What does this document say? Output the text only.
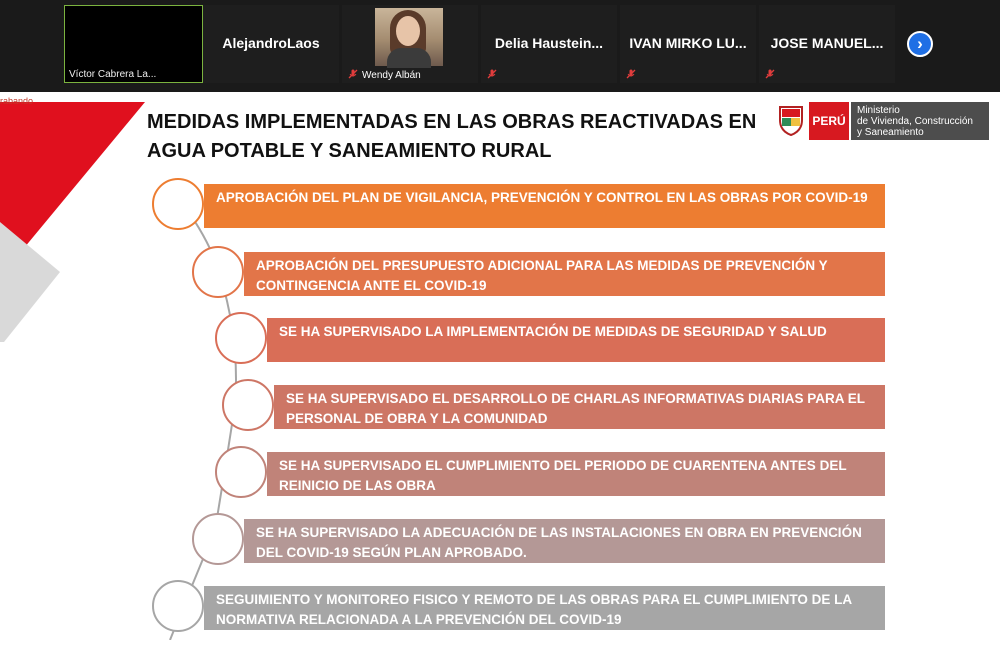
Víctor Cabrera La...
AlejandroLaos
Wendy Albán
Delia Haustein...	IVAN MIRKO LU...	JOSE MANUEL...	›
rabando
MEDIDAS IMPLEMENTADAS EN LAS OBRAS REACTIVADAS EN AGUA POTABLE Y SANEAMIENTO RURAL
PERÚ
Ministerio
de Vivienda, Construcción
y Saneamiento
APROBACIÓN DEL PLAN DE VIGILANCIA, PREVENCIÓN Y CONTROL EN LAS OBRAS POR COVID-19
APROBACIÓN DEL PRESUPUESTO ADICIONAL PARA LAS MEDIDAS DE PREVENCIÓN Y CONTINGENCIA ANTE EL COVID-19
SE HA SUPERVISADO LA IMPLEMENTACIÓN DE MEDIDAS DE SEGURIDAD Y SALUD
SE HA SUPERVISADO EL DESARROLLO DE CHARLAS INFORMATIVAS DIARIAS PARA EL PERSONAL DE OBRA Y LA COMUNIDAD
SE HA SUPERVISADO EL CUMPLIMIENTO DEL PERIODO DE CUARENTENA ANTES DEL REINICIO DE LAS OBRA
SE HA SUPERVISADO LA ADECUACIÓN DE LAS INSTALACIONES EN OBRA EN PREVENCIÓN DEL COVID-19 SEGÚN PLAN APROBADO.
SEGUIMIENTO Y MONITOREO FISICO Y REMOTO DE LAS OBRAS PARA EL CUMPLIMIENTO DE LA NORMATIVA RELACIONADA A LA PREVENCIÓN DEL COVID-19
